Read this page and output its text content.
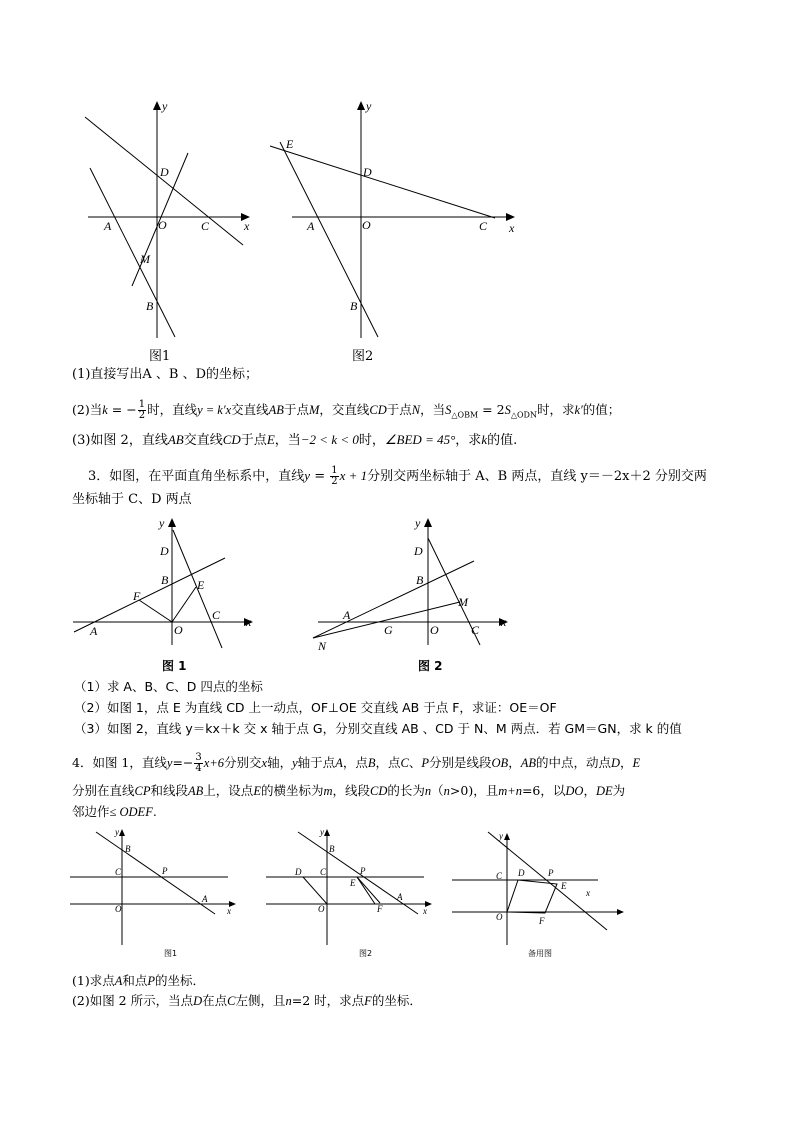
y
x
D
A	O	C
M
B
图1
y
x
E
D
A	O	C
B
图2
(1)直接写出A 、B 、D的坐标；
(2)当k = − $\frac{1}{2}$ 时，直线y = k′x交直线AB于点M，交直线CD于点N，当$S_{\triangle OBM} = 2S_{\triangle ODN}$时，求k′的值；
(3)如图 2，直线AB交直线CD于点E，当−2 < k < 0时，∠BED = 45°，求k的值.
3．如图，在平面直角坐标系中，直线$y = \frac{1}{2}$ x + 1分别交两坐标轴于 A、B 两点，直线 y＝－2x＋2 分别交两
坐标轴于 C、D 两点
y
x
D
B E
F
C
A	O
图 1
y
x
D
B
M
A
G	O	C
N
图 2
（1）求 A、B、C、D 四点的坐标
（2）如图 1，点 E 为直线 CD 上一动点，OF⊥OE 交直线 AB 于点 F，求证：OE＝OF
（3）如图 2，直线 y＝kx＋k 交 x 轴于点 G，分别交直线 AB 、CD 于 N、M 两点．若 GM＝GN，求 k 的值
4．如图 1，直线$y=- \frac{3}{4} x+6$分别交x轴，y轴于点A，点B，点C、P分别是线段OB，AB的中点，动点D，E
分别在直线CP和线段AB上，设点E的横坐标为m，线段CD的长为n（n>0)，且m+n=6，以DO，DE为
邻边作≤ ODEF.
y
x
B
C	P
O
A
图1
y
x
B
D C	P
E
A
O	F
图2
y
x
P
C D
E
O	F
备用图
(1)求点A和点P的坐标．
(2)如图 2 所示，当点D在点C左侧，且n=2 时，求点F的坐标．
